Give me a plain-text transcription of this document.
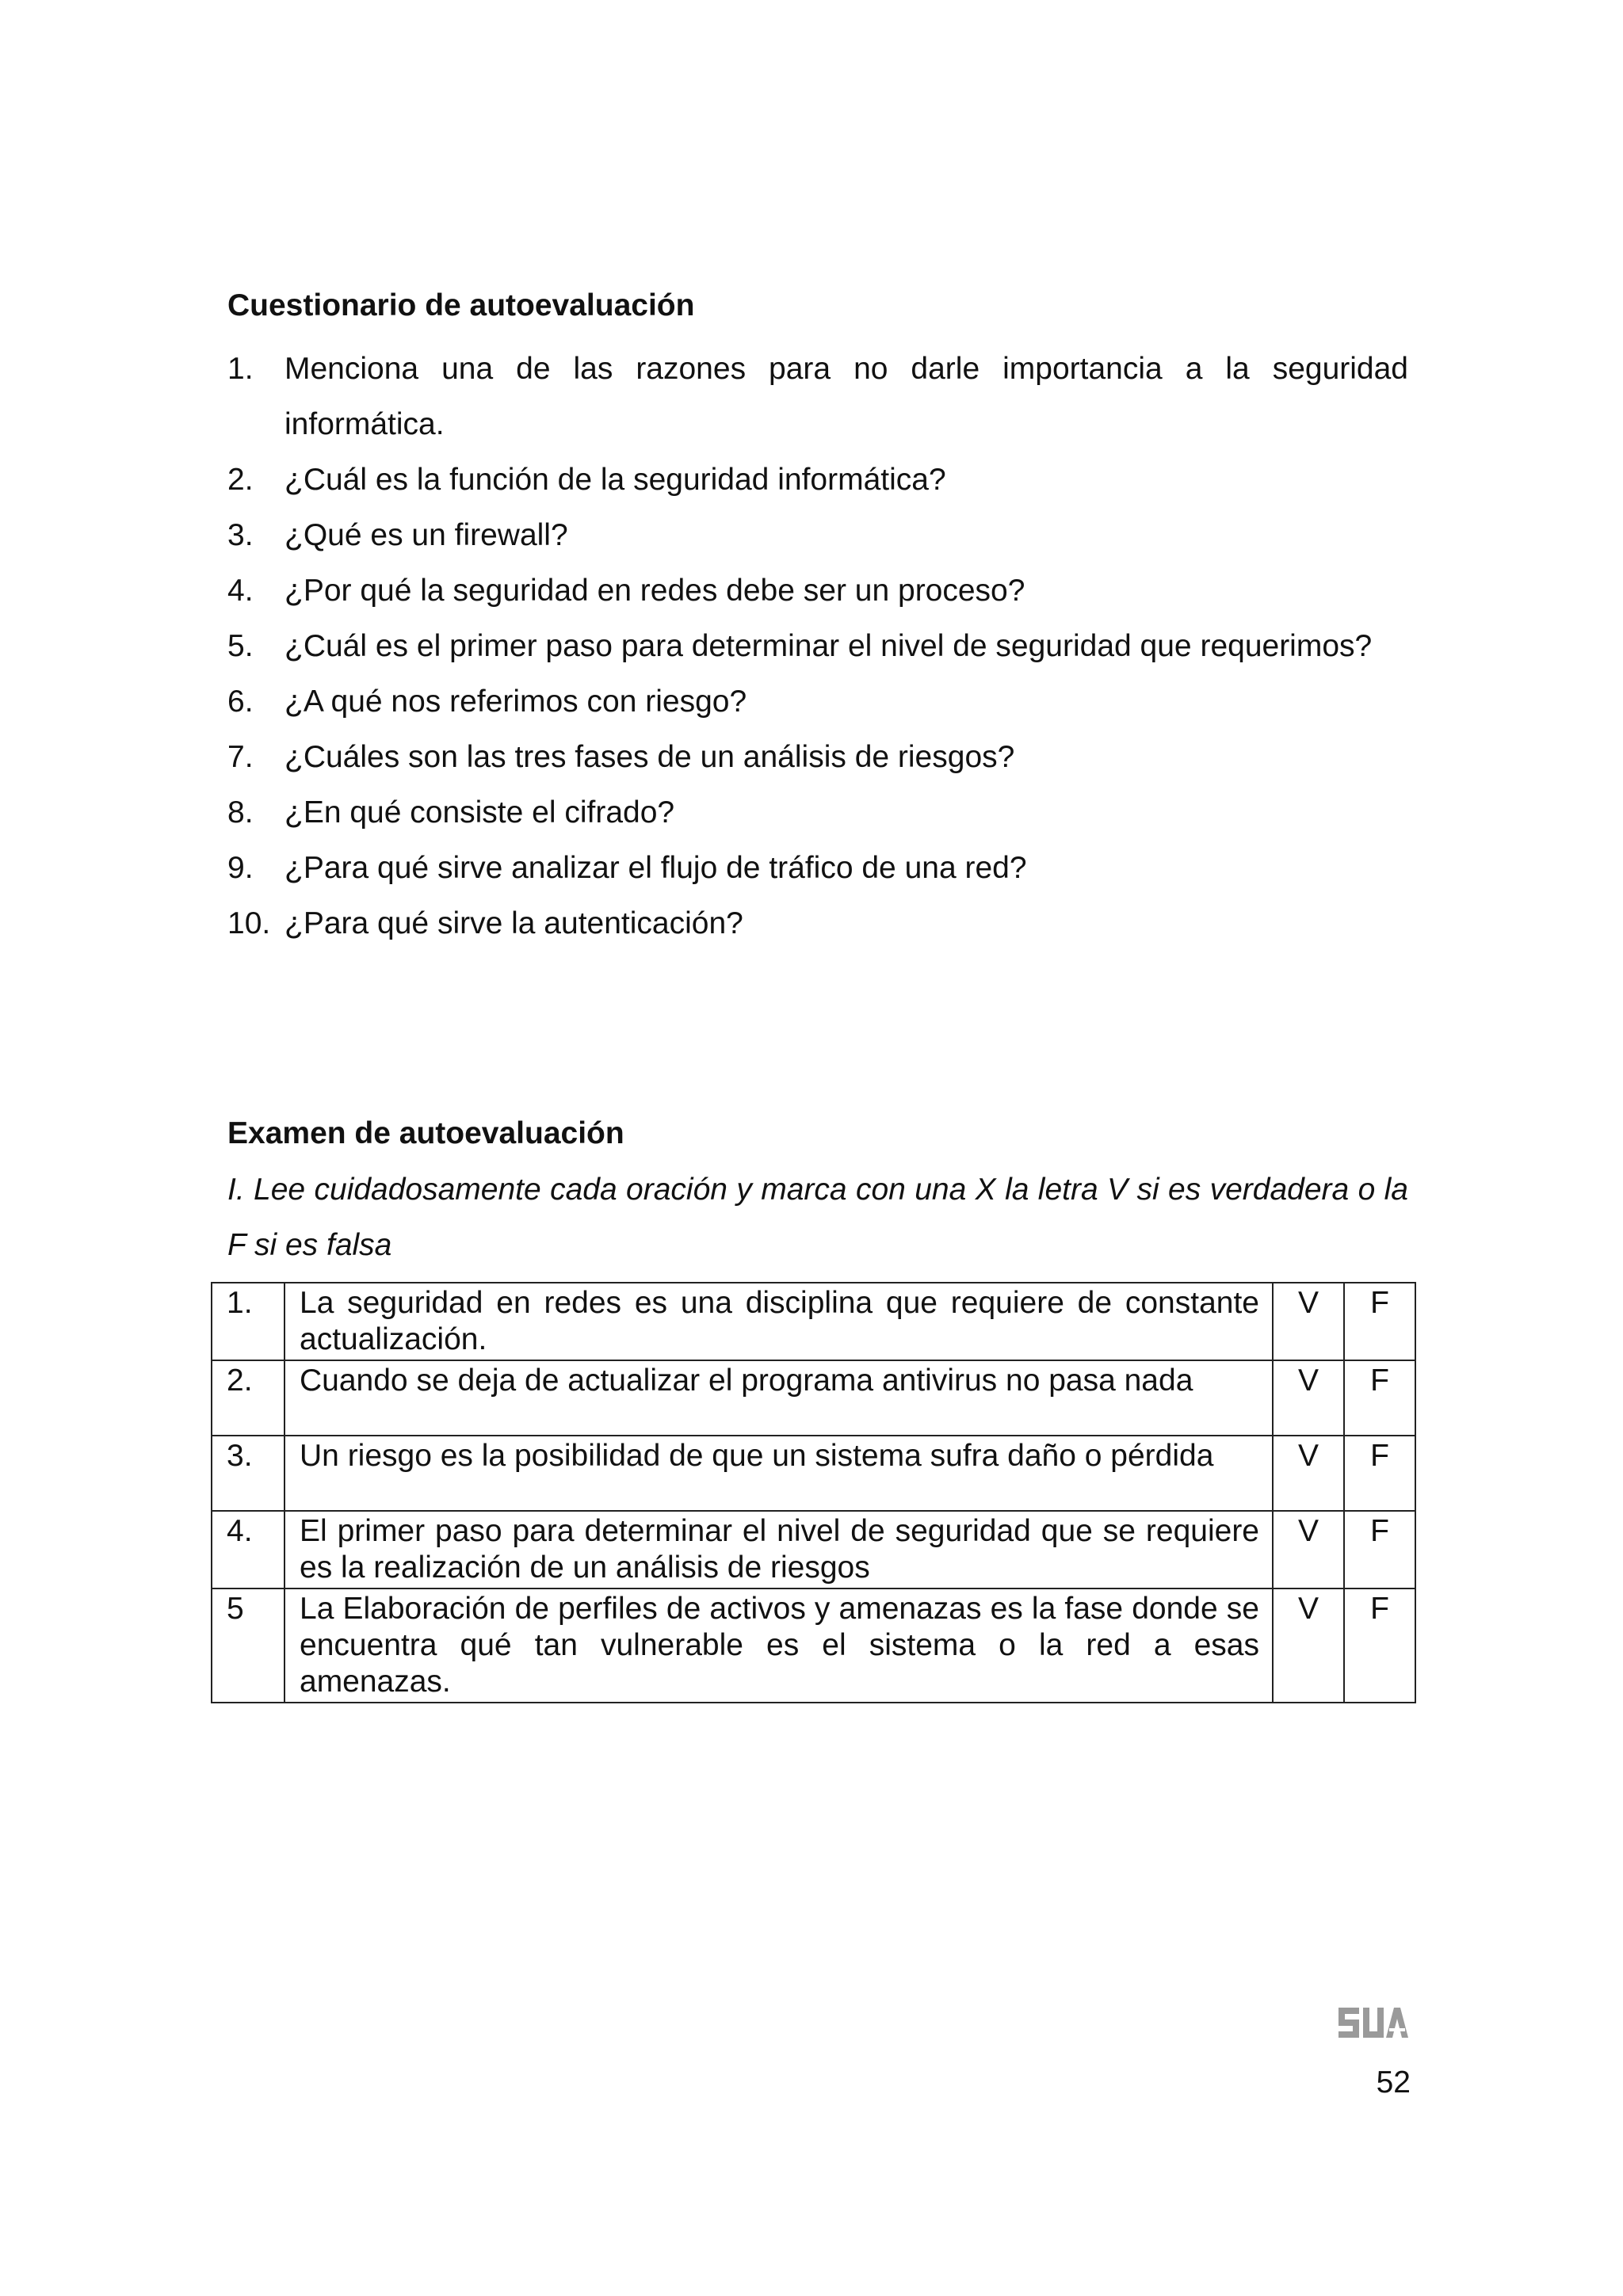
Cuestionario de autoevaluación
1. Menciona una de las razones para no darle importancia a la seguridad informática.
2. ¿Cuál es la función de la seguridad informática?
3. ¿Qué es un firewall?
4. ¿Por qué la seguridad en redes debe ser un proceso?
5. ¿Cuál es el primer paso para determinar el nivel de seguridad que requerimos?
6. ¿A qué nos referimos con riesgo?
7. ¿Cuáles son las tres fases de un análisis de riesgos?
8. ¿En qué consiste el cifrado?
9. ¿Para qué sirve analizar el flujo de tráfico de una red?
10. ¿Para qué sirve la autenticación?
Examen de autoevaluación

I. Lee cuidadosamente cada oración y marca con una X la letra V si es verdadera o la F si es falsa

1.	La seguridad en redes es una disciplina que requiere de constante actualización.	V	F
2.	Cuando se deja de actualizar el programa antivirus no pasa nada	V	F
3.	Un riesgo es la posibilidad de que un sistema sufra daño o pérdida	V	F
4.	El primer paso para determinar el nivel de seguridad que se requiere es la realización de un análisis de riesgos	V	F
5	La Elaboración de perfiles de activos y amenazas es la fase donde se encuentra qué tan vulnerable es el sistema o la red a esas amenazas.	V	F
52
